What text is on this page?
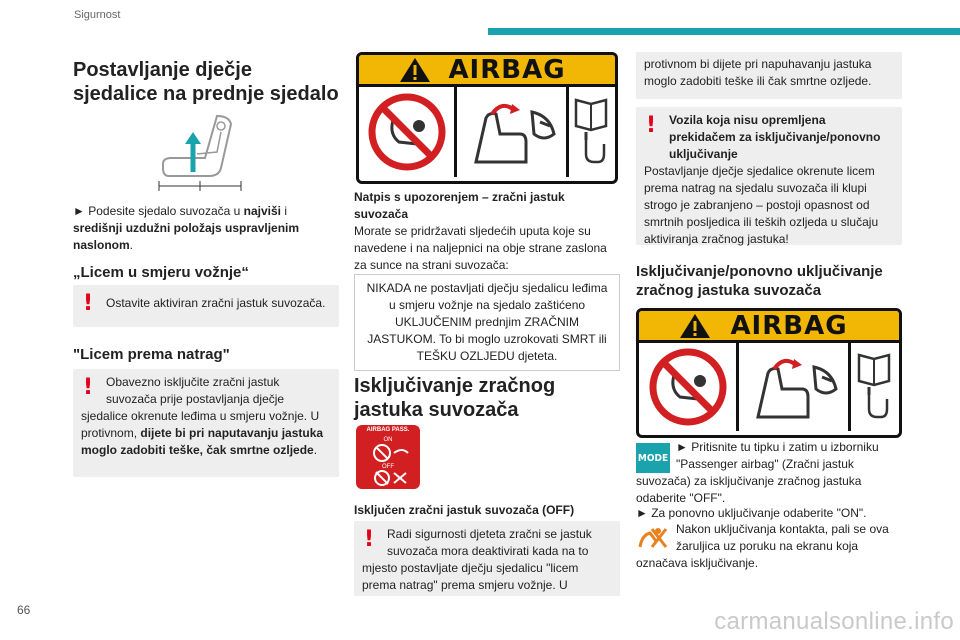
Sigurnost
66	carmanualsonline.info
Postavljanje dječje sjedalice na prednje sjedalo
► Podesite sjedalo suvozača u najviši i središnji uzdužni položajs uspravljenim naslonom.
„Licem u smjeru vožnje“
!	Ostavite aktiviran zračni jastuk suvozača.
"Licem prema natrag"
!	Obavezno isključite zračni jastuk suvozača prije postavljanja dječje
sjedalice okrenute leđima u smjeru vožnje. U protivnom, dijete bi pri naputavanju jastuka moglo zadobiti teške, čak smrtne ozljede.
AIRBAG
Natpis s upozorenjem – zračni jastuk suvozača
Morate se pridržavati sljedećih uputa koje su navedene i na naljepnici na obje strane zaslona za sunce na strani suvozača:
NIKADA ne postavljati dječju sjedalicu leđima u smjeru vožnje na sjedalo zaštićeno UKLJUČENIM prednjim ZRAČNIM JASTUKOM. To bi moglo uzrokovati SMRT ili TEŠKU OZLJEDU djeteta.
Isključivanje zračnog jastuka suvozača
AIRBAG PASS.
ON
OFF
Isključen zračni jastuk suvozača (OFF)
!	Radi sigurnosti djeteta zračni se jastuk suvozača mora deaktivirati kada na to
mjesto postavljate dječju sjedalicu "licem prema natrag" prema smjeru vožnje. U
protivnom bi dijete pri napuhavanju jastuka moglo zadobiti teške ili čak smrtne ozljede.
!	Vozila koja nisu opremljena prekidačem za isključivanje/ponovno uključivanje
Postavljanje dječje sjedalice okrenute licem prema natrag na sjedalu suvozača ili klupi strogo je zabranjeno – postoji opasnost od smrtnih posljedica ili teških ozljeda u slučaju aktiviranja zračnog jastuka!
Isključivanje/ponovno uključivanje zračnog jastuka suvozača
AIRBAG
MODE
► Pritisnite tu tipku i zatim u izborniku "Passenger airbag" (Zračni jastuk
suvozača) za isključivanje zračnog jastuka odaberite "OFF".
► Za ponovno uključivanje odaberite "ON".
Nakon uključivanja kontakta, pali se ova žaruljica uz poruku na ekranu koja
označava isključivanje.
